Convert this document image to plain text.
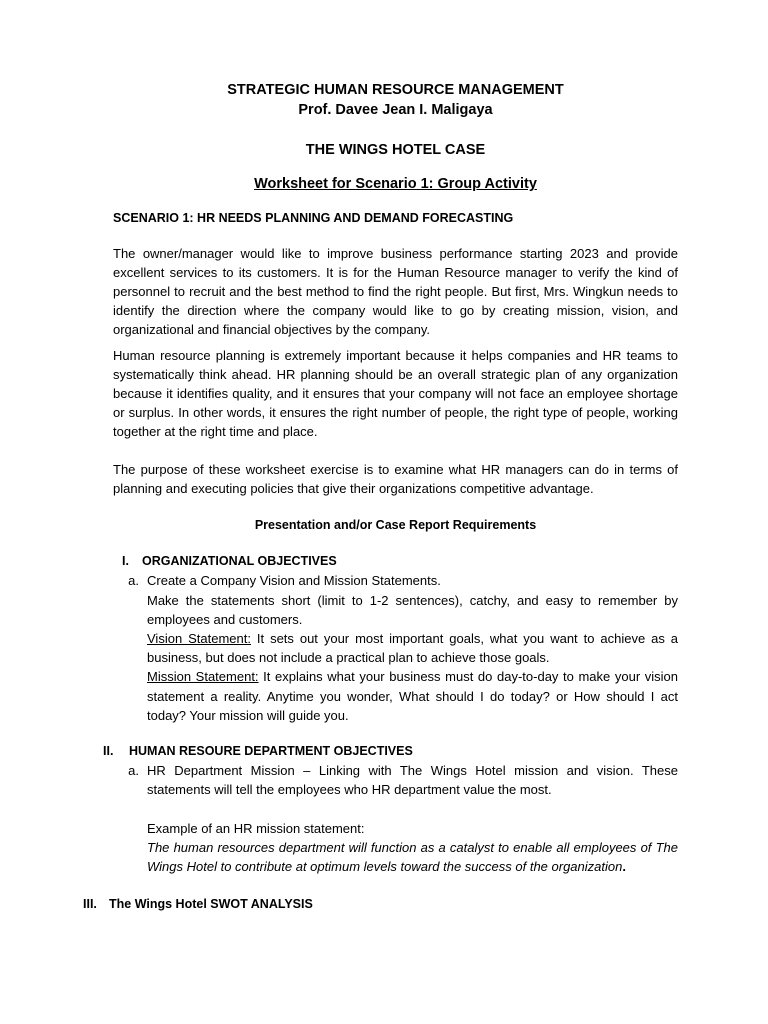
STRATEGIC HUMAN RESOURCE MANAGEMENT
Prof. Davee Jean I. Maligaya
THE WINGS HOTEL CASE
Worksheet for Scenario 1: Group Activity
SCENARIO 1: HR NEEDS PLANNING AND DEMAND FORECASTING
The owner/manager would like to improve business performance starting 2023 and provide excellent services to its customers. It is for the Human Resource manager to verify the kind of personnel to recruit and the best method to find the right people. But first, Mrs. Wingkun needs to identify the direction where the company would like to go by creating mission, vision, and organizational and financial objectives by the company.
Human resource planning is extremely important because it helps companies and HR teams to systematically think ahead. HR planning should be an overall strategic plan of any organization because it identifies quality, and it ensures that your company will not face an employee shortage or surplus. In other words, it ensures the right number of people, the right type of people, working together at the right time and place.
The purpose of these worksheet exercise is to examine what HR managers can do in terms of planning and executing policies that give their organizations competitive advantage.
Presentation and/or Case Report Requirements
I. ORGANIZATIONAL OBJECTIVES
a. Create a Company Vision and Mission Statements.
Make the statements short (limit to 1-2 sentences), catchy, and easy to remember by employees and customers.
Vision Statement: It sets out your most important goals, what you want to achieve as a business, but does not include a practical plan to achieve those goals.
Mission Statement: It explains what your business must do day-to-day to make your vision statement a reality. Anytime you wonder, What should I do today? or How should I act today? Your mission will guide you.
II. HUMAN RESOURE DEPARTMENT OBJECTIVES
a. HR Department Mission – Linking with The Wings Hotel mission and vision. These statements will tell the employees who HR department value the most.
Example of an HR mission statement:
The human resources department will function as a catalyst to enable all employees of The Wings Hotel to contribute at optimum levels toward the success of the organization.
III. The Wings Hotel SWOT ANALYSIS
